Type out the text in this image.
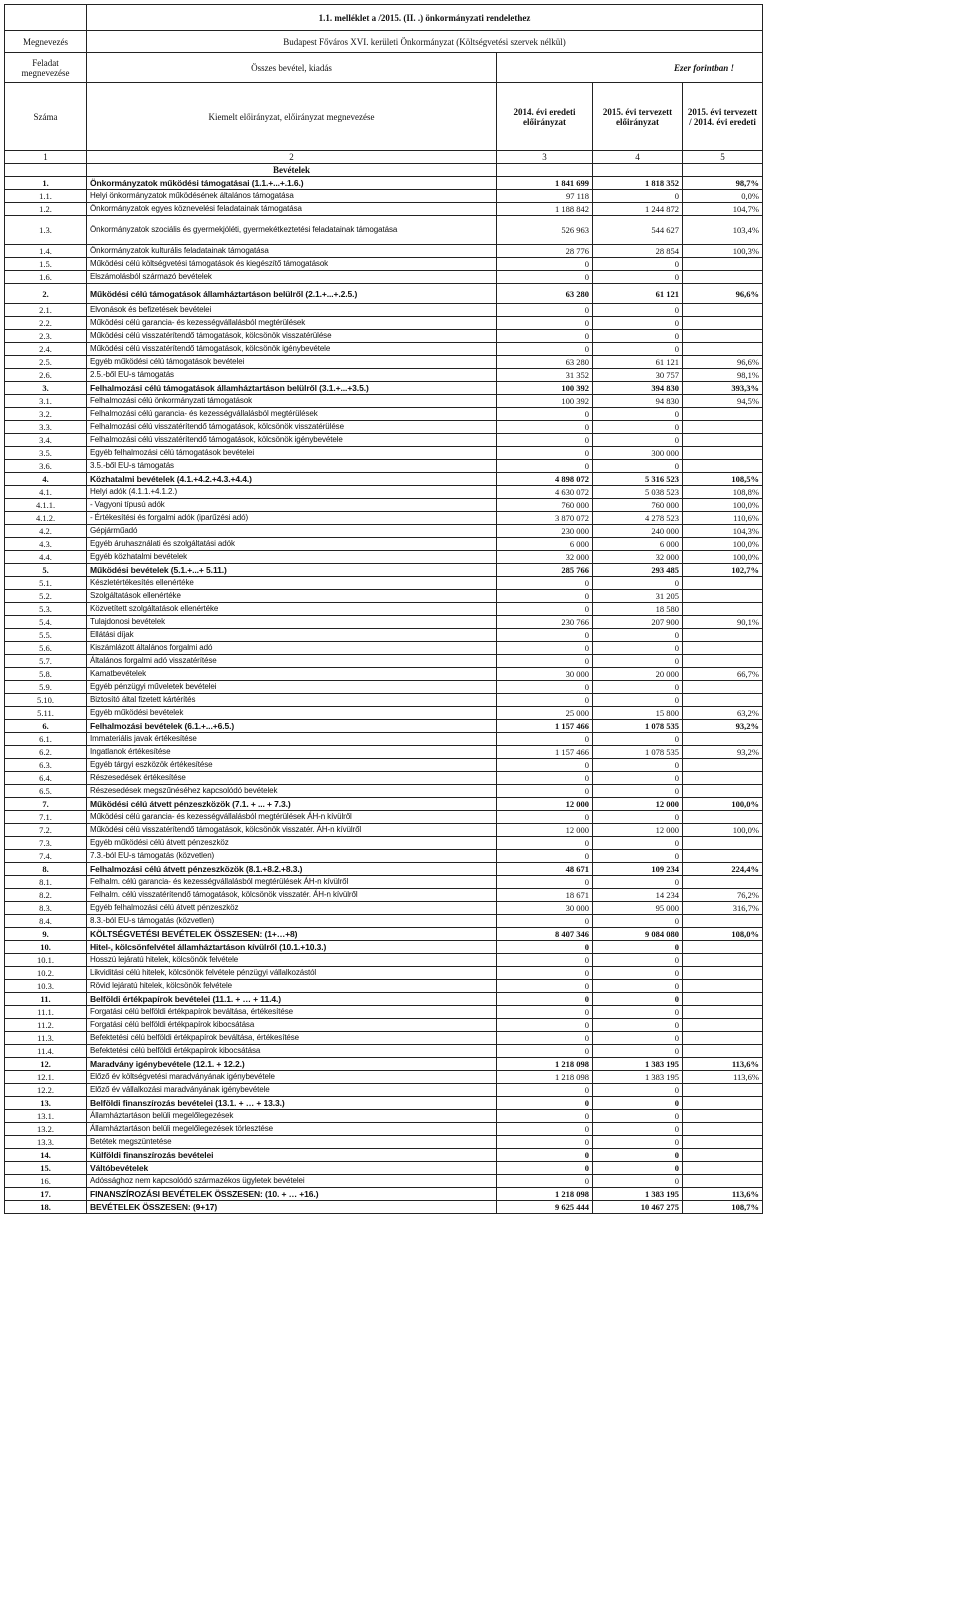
	1.1. melléklet a /2015. (II. .) önkormányzati rendelethez			
Megnevezés	Budapest Főváros XVI. kerületi Önkormányzat (Költségvetési szervek nélkül)			
Feladat megnevezése	Összes bevétel, kiadás	Ezer forintban !		
Száma	Kiemelt előirányzat, előirányzat megnevezése	2014. évi eredeti előirányzat	2015. évi tervezett előirányzat	2015. évi tervezett / 2014. évi eredeti
1	2	3	4	5
	Bevételek			
1.	Önkormányzatok működési támogatásai (1.1.+...+.1.6.)	1 841 699	1 818 352	98,7%
1.1.	Helyi önkormányzatok működésének általános támogatása	97 118	0	0,0%
1.2.	Önkormányzatok egyes köznevelési feladatainak támogatása	1 188 842	1 244 872	104,7%
1.3.	Önkormányzatok szociális és gyermekjóléti, gyermekétkeztetési feladatainak támogatása	526 963	544 627	103,4%
1.4.	Önkormányzatok kulturális feladatainak támogatása	28 776	28 854	100,3%
1.5.	Működési célú költségvetési támogatások és kiegészítő támogatások	0	0	
1.6.	Elszámolásból származó bevételek	0	0	
2.	Működési célú támogatások államháztartáson belülről (2.1.+...+.2.5.)	63 280	61 121	96,6%
2.1.	Elvonások és befizetések bevételei	0	0	
2.2.	Működési célú garancia- és kezességvállalásból megtérülések	0	0	
2.3.	Működési célú visszatérítendő támogatások, kölcsönök visszatérülése	0	0	
2.4.	Működési célú visszatérítendő támogatások, kölcsönök igénybevétele	0	0	
2.5.	Egyéb működési célú támogatások bevételei	63 280	61 121	96,6%
2.6.	2.5.-ből EU-s támogatás	31 352	30 757	98,1%
3.	Felhalmozási célú támogatások államháztartáson belülről (3.1.+...+3.5.)	100 392	394 830	393,3%
3.1.	Felhalmozási célú önkormányzati támogatások	100 392	94 830	94,5%
3.2.	Felhalmozási célú garancia- és kezességvállalásból megtérülések	0	0	
3.3.	Felhalmozási célú visszatérítendő támogatások, kölcsönök visszatérülése	0	0	
3.4.	Felhalmozási célú visszatérítendő támogatások, kölcsönök igénybevétele	0	0	
3.5.	Egyéb felhalmozási célú támogatások bevételei	0	300 000	
3.6.	3.5.-ből EU-s támogatás	0	0	
4.	Közhatalmi bevételek (4.1.+4.2.+4.3.+4.4.)	4 898 072	5 316 523	108,5%
4.1.	Helyi adók (4.1.1.+4.1.2.)	4 630 072	5 038 523	108,8%
4.1.1.	- Vagyoni típusú adók	760 000	760 000	100,0%
4.1.2.	- Értékesítési és forgalmi adók (iparűzési adó)	3 870 072	4 278 523	110,6%
4.2.	Gépjárműadó	230 000	240 000	104,3%
4.3.	Egyéb áruhasználati és szolgáltatási adók	6 000	6 000	100,0%
4.4.	Egyéb közhatalmi bevételek	32 000	32 000	100,0%
5.	Működési bevételek (5.1.+...+ 5.11.)	285 766	293 485	102,7%
5.1.	Készletértékesítés ellenértéke	0	0	
5.2.	Szolgáltatások ellenértéke	0	31 205	
5.3.	Közvetített szolgáltatások ellenértéke	0	18 580	
5.4.	Tulajdonosi bevételek	230 766	207 900	90,1%
5.5.	Ellátási díjak	0	0	
5.6.	Kiszámlázott általános forgalmi adó	0	0	
5.7.	Általános forgalmi adó visszatérítése	0	0	
5.8.	Kamatbevételek	30 000	20 000	66,7%
5.9.	Egyéb pénzügyi műveletek bevételei	0	0	
5.10.	Biztosító által fizetett kártérítés	0	0	
5.11.	Egyéb működési bevételek	25 000	15 800	63,2%
6.	Felhalmozási bevételek (6.1.+...+6.5.)	1 157 466	1 078 535	93,2%
6.1.	Immateriális javak értékesítése	0	0	
6.2.	Ingatlanok értékesítése	1 157 466	1 078 535	93,2%
6.3.	Egyéb tárgyi eszközök értékesítése	0	0	
6.4.	Részesedések értékesítése	0	0	
6.5.	Részesedések megszűnéséhez kapcsolódó bevételek	0	0	
7.	Működési célú átvett pénzeszközök (7.1. + ... + 7.3.)	12 000	12 000	100,0%
7.1.	Működési célú garancia- és kezességvállalásból megtérülések ÁH-n kívülről	0	0	
7.2.	Működési célú visszatérítendő támogatások, kölcsönök visszatér. ÁH-n kívülről	12 000	12 000	100,0%
7.3.	Egyéb működési célú átvett pénzeszköz	0	0	
7.4.	7.3.-ból EU-s támogatás (közvetlen)	0	0	
8.	Felhalmozási célú átvett pénzeszközök (8.1.+8.2.+8.3.)	48 671	109 234	224,4%
8.1.	Felhalm. célú garancia- és kezességvállalásból megtérülések ÁH-n kívülről	0	0	
8.2.	Felhalm. célú visszatérítendő támogatások, kölcsönök visszatér. ÁH-n kívülről	18 671	14 234	76,2%
8.3.	Egyéb felhalmozási célú átvett pénzeszköz	30 000	95 000	316,7%
8.4.	8.3.-ból EU-s támogatás (közvetlen)	0	0	
9.	KÖLTSÉGVETÉSI BEVÉTELEK ÖSSZESEN: (1+…+8)	8 407 346	9 084 080	108,0%
10.	Hitel-, kölcsönfelvétel államháztartáson kívülről (10.1.+10.3.)	0	0	
10.1.	Hosszú lejáratú hitelek, kölcsönök felvétele	0	0	
10.2.	Likviditási célú hitelek, kölcsönök felvétele pénzügyi vállalkozástól	0	0	
10.3.	Rövid lejáratú hitelek, kölcsönök felvétele	0	0	
11.	Belföldi értékpapírok bevételei (11.1. + … + 11.4.)	0	0	
11.1.	Forgatási célú belföldi értékpapírok beváltása, értékesítése	0	0	
11.2.	Forgatási célú belföldi értékpapírok kibocsátása	0	0	
11.3.	Befektetési célú belföldi értékpapírok beváltása, értékesítése	0	0	
11.4.	Befektetési célú belföldi értékpapírok kibocsátása	0	0	
12.	Maradvány igénybevétele (12.1. + 12.2.)	1 218 098	1 383 195	113,6%
12.1.	Előző év költségvetési maradványának igénybevétele	1 218 098	1 383 195	113,6%
12.2.	Előző év vállalkozási maradványának igénybevétele	0	0	
13.	Belföldi finanszírozás bevételei (13.1. + … + 13.3.)	0	0	
13.1.	Államháztartáson belüli megelőlegezések	0	0	
13.2.	Államháztartáson belüli megelőlegezések törlesztése	0	0	
13.3.	Betétek megszüntetése	0	0	
14.	Külföldi finanszírozás bevételei	0	0	
15.	Váltóbevételek	0	0	
16.	Adóssághoz nem kapcsolódó származékos ügyletek bevételei	0	0	
17.	FINANSZÍROZÁSI BEVÉTELEK ÖSSZESEN: (10. + … +16.)	1 218 098	1 383 195	113,6%
18.	BEVÉTELEK ÖSSZESEN: (9+17)	9 625 444	10 467 275	108,7%
